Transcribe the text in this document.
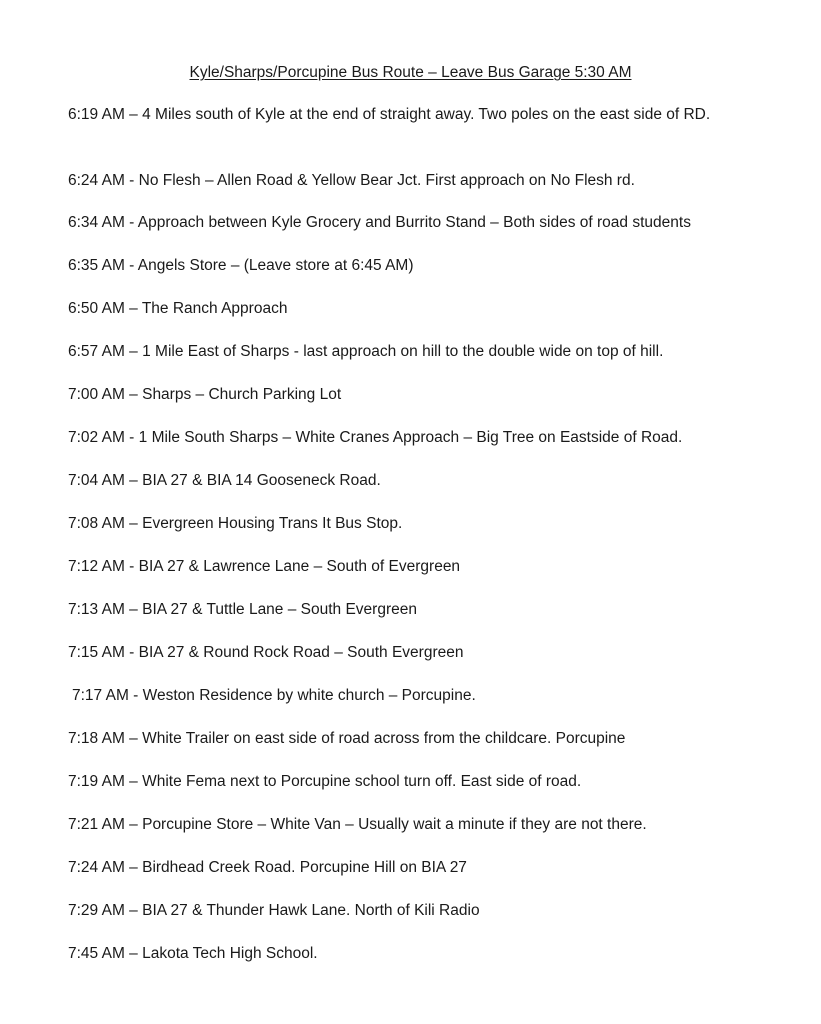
Kyle/Sharps/Porcupine Bus Route – Leave Bus Garage 5:30 AM

6:19 AM – 4 Miles south of Kyle at the end of straight away. Two poles on the east side of RD.

6:24 AM - No Flesh – Allen Road & Yellow Bear Jct. First approach on No Flesh rd.

6:34 AM - Approach between Kyle Grocery and Burrito Stand – Both sides of road students

6:35 AM - Angels Store – (Leave store at 6:45 AM)

6:50 AM – The Ranch Approach

6:57 AM – 1 Mile East of Sharps - last approach on hill to the double wide on top of hill.

7:00 AM – Sharps – Church Parking Lot

7:02 AM - 1 Mile South Sharps – White Cranes Approach – Big Tree on Eastside of Road.

7:04 AM – BIA 27 & BIA 14 Gooseneck Road.

7:08 AM – Evergreen Housing Trans It Bus Stop.

7:12 AM - BIA 27 & Lawrence Lane – South of Evergreen

7:13 AM – BIA 27 & Tuttle Lane – South Evergreen

7:15 AM - BIA 27 & Round Rock Road – South Evergreen

7:17 AM - Weston Residence by white church – Porcupine.

7:18 AM – White Trailer on east side of road across from the childcare. Porcupine

7:19 AM – White Fema next to Porcupine school turn off. East side of road.

7:21 AM – Porcupine Store – White Van – Usually wait a minute if they are not there.

7:24 AM – Birdhead Creek Road. Porcupine Hill on BIA 27

7:29 AM – BIA 27 & Thunder Hawk Lane. North of Kili Radio

7:45 AM – Lakota Tech High School.
